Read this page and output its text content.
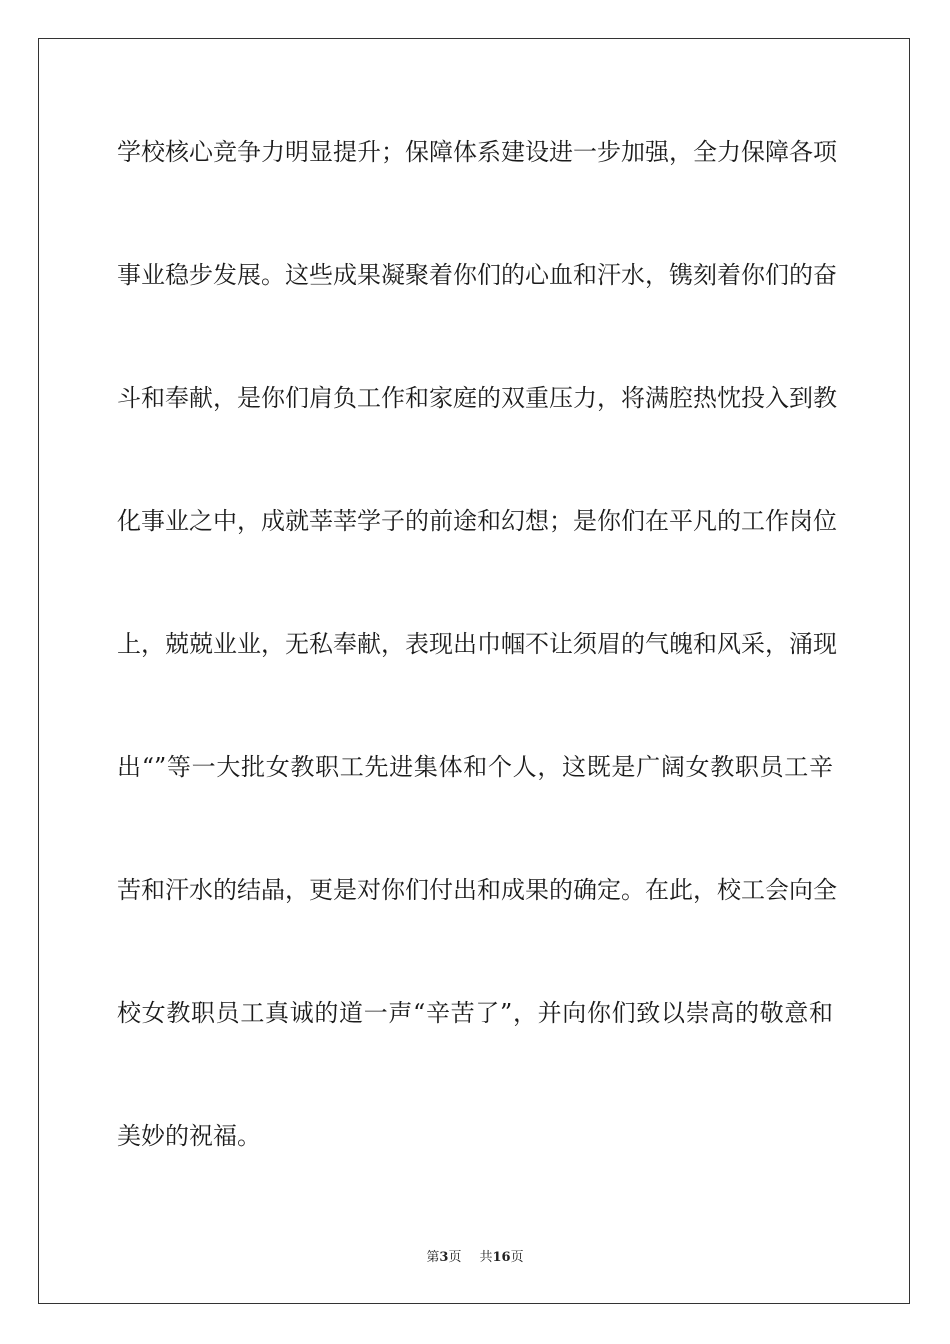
学校核心竞争力明显提升；保障体系建设进一步加强，全力保障各项
事业稳步发展。这些成果凝聚着你们的心血和汗水，镌刻着你们的奋
斗和奉献，是你们肩负工作和家庭的双重压力，将满腔热忱投入到教
化事业之中，成就莘莘学子的前途和幻想；是你们在平凡的工作岗位
上，兢兢业业，无私奉献，表现出巾帼不让须眉的气魄和风采，涌现
出“”等一大批女教职工先进集体和个人，这既是广阔女教职员工辛
苦和汗水的结晶，更是对你们付出和成果的确定。在此，校工会向全
校女教职员工真诚的道一声“辛苦了”，并向你们致以崇高的敬意和
美妙的祝福。
第3页 共16页
